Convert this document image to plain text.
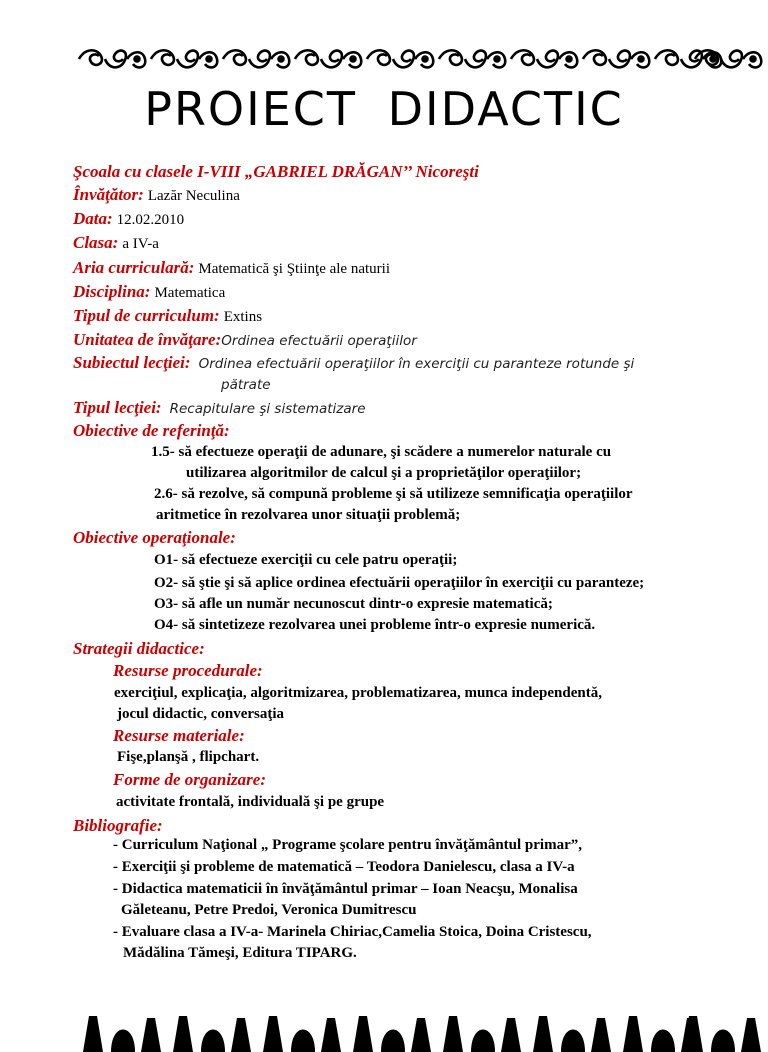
PROIECT DIDACTIC
Şcoala cu clasele I-VIII „GABRIEL DRĂGAN’’ Nicoreşti
Învăţător: Lazăr Neculina
Data: 12.02.2010
Clasa: a IV-a
Aria curriculară: Matematică şi Ştiinţe ale naturii
Disciplina: Matematica
Tipul de curriculum: Extins
Unitatea de învăţare:Ordinea efectuării operaţiilor
Subiectul lecţiei: Ordinea efectuării operaţiilor în exerciţii cu paranteze rotunde şi
pătrate
Tipul lecţiei: Recapitulare şi sistematizare
Obiective de referinţă:
1.5- să efectueze operaţii de adunare, şi scădere a numerelor naturale cu
utilizarea algoritmilor de calcul şi a proprietăţilor operaţiilor;
2.6- să rezolve, să compună probleme şi să utilizeze semnificaţia operaţiilor
aritmetice în rezolvarea unor situaţii problemă;
Obiective operaţionale:
O1- să efectueze exerciţii cu cele patru operaţii;
O2- să ştie şi să aplice ordinea efectuării operaţiilor în exerciţii cu paranteze;
O3- să afle un număr necunoscut dintr-o expresie matematică;
O4- să sintetizeze rezolvarea unei probleme într-o expresie numerică.
Strategii didactice:
Resurse procedurale:
exerciţiul, explicaţia, algoritmizarea, problematizarea, munca independentă,
jocul didactic, conversaţia
Resurse materiale:
Fişe,planşă , flipchart.
Forme de organizare:
activitate frontală, individuală şi pe grupe
Bibliografie:
- Curriculum Naţional „ Programe şcolare pentru învăţământul primar”,
- Exerciţii şi probleme de matematică – Teodora Danielescu, clasa a IV-a
- Didactica matematicii în învăţământul primar – Ioan Neacşu, Monalisa
Găleteanu, Petre Predoi, Veronica Dumitrescu
- Evaluare clasa a IV-a- Marinela Chiriac,Camelia Stoica, Doina Cristescu,
Mădălina Tămeşi, Editura TIPARG.
